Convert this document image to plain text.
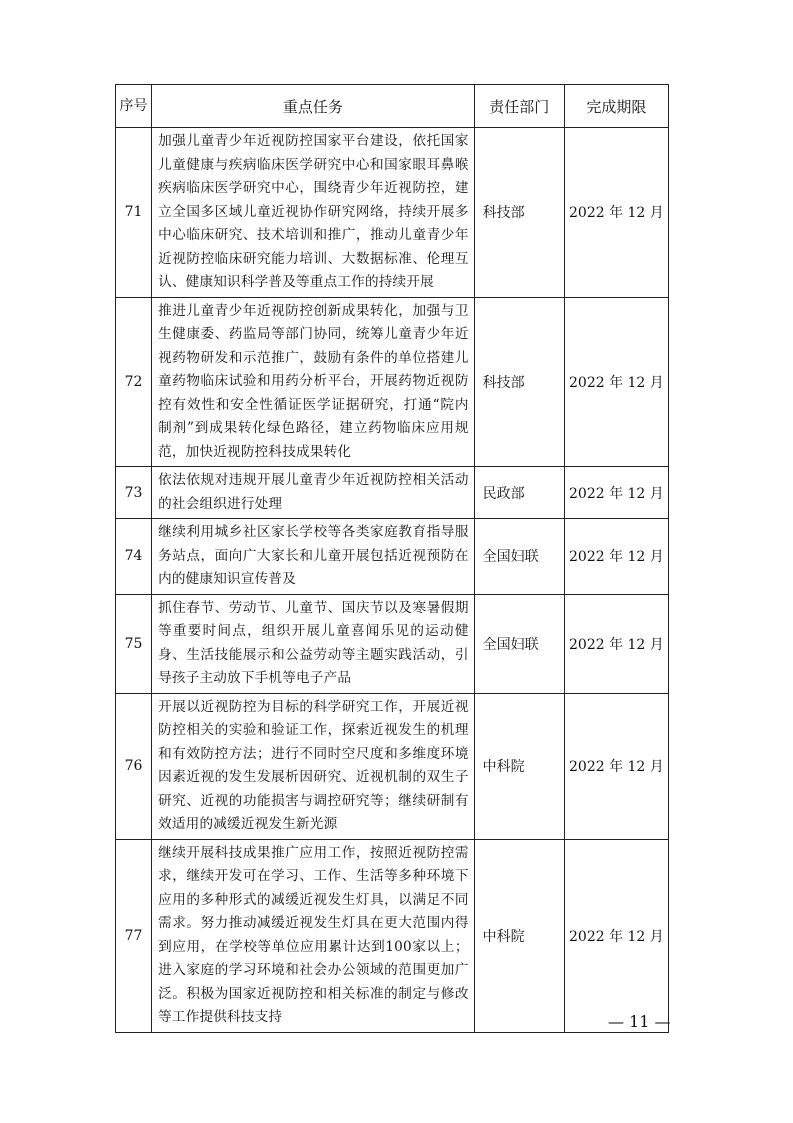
序号	重点任务	责任部门	完成期限
71	加强儿童青少年近视防控国家平台建设，依托国家儿童健康与疾病临床医学研究中心和国家眼耳鼻喉疾病临床医学研究中心，围绕青少年近视防控，建立全国多区域儿童近视协作研究网络，持续开展多中心临床研究、技术培训和推广，推动儿童青少年近视防控临床研究能力培训、大数据标准、伦理互认、健康知识科学普及等重点工作的持续开展	科技部	2022 年 12 月
72	推进儿童青少年近视防控创新成果转化，加强与卫生健康委、药监局等部门协同，统筹儿童青少年近视药物研发和示范推广，鼓励有条件的单位搭建儿童药物临床试验和用药分析平台，开展药物近视防控有效性和安全性循证医学证据研究，打通“院内制剂”到成果转化绿色路径，建立药物临床应用规范，加快近视防控科技成果转化	科技部	2022 年 12 月
73	依法依规对违规开展儿童青少年近视防控相关活动的社会组织进行处理	民政部	2022 年 12 月
74	继续利用城乡社区家长学校等各类家庭教育指导服务站点，面向广大家长和儿童开展包括近视预防在内的健康知识宣传普及	全国妇联	2022 年 12 月
75	抓住春节、劳动节、儿童节、国庆节以及寒暑假期等重要时间点，组织开展儿童喜闻乐见的运动健身、生活技能展示和公益劳动等主题实践活动，引导孩子主动放下手机等电子产品	全国妇联	2022 年 12 月
76	开展以近视防控为目标的科学研究工作，开展近视防控相关的实验和验证工作，探索近视发生的机理和有效防控方法；进行不同时空尺度和多维度环境因素近视的发生发展析因研究、近视机制的双生子研究、近视的功能损害与调控研究等；继续研制有效适用的减缓近视发生新光源	中科院	2022 年 12 月
77	继续开展科技成果推广应用工作，按照近视防控需求，继续开发可在学习、工作、生活等多种环境下应用的多种形式的减缓近视发生灯具，以满足不同需求。努力推动减缓近视发生灯具在更大范围内得到应用，在学校等单位应用累计达到100家以上；进入家庭的学习环境和社会办公领域的范围更加广泛。积极为国家近视防控和相关标准的制定与修改等工作提供科技支持	中科院	2022 年 12 月
— 11 —
